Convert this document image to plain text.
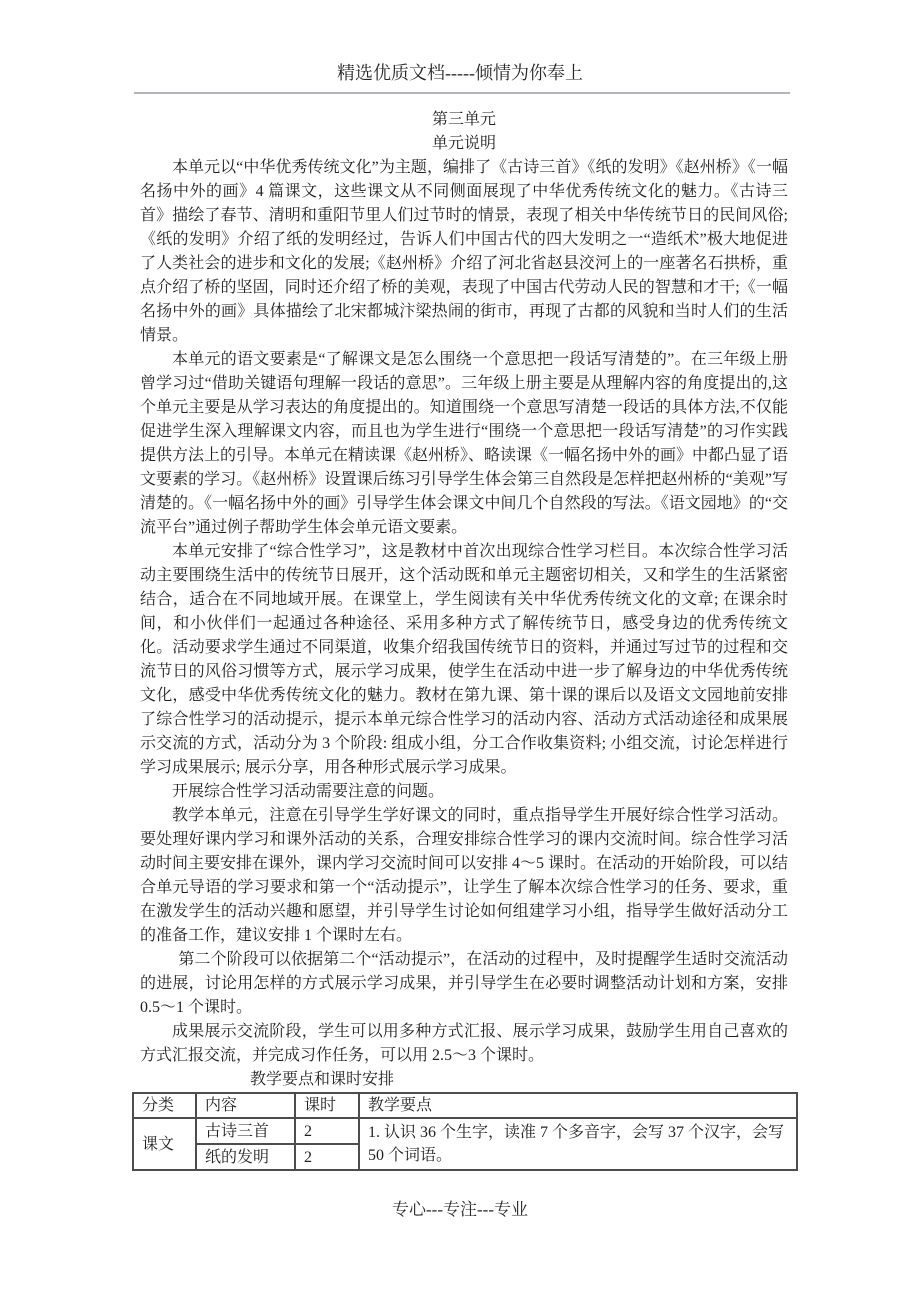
精选优质文档-----倾情为你奉上
第三单元
单元说明

本单元以“中华优秀传统文化”为主题，编排了《古诗三首》《纸的发明》《赵州桥》《一幅名扬中外的画》4 篇课文，这些课文从不同侧面展现了中华优秀传统文化的魅力。《古诗三首》描绘了春节、清明和重阳节里人们过节时的情景，表现了相关中华传统节日的民间风俗;《纸的发明》介绍了纸的发明经过，告诉人们中国古代的四大发明之一“造纸术”极大地促进了人类社会的进步和文化的发展;《赵州桥》介绍了河北省赵县洨河上的一座著名石拱桥，重点介绍了桥的坚固，同时还介绍了桥的美观，表现了中国古代劳动人民的智慧和才干;《一幅名扬中外的画》具体描绘了北宋都城汴梁热闹的街市，再现了古都的风貌和当时人们的生活情景。

本单元的语文要素是“了解课文是怎么围绕一个意思把一段话写清楚的”。在三年级上册曾学习过“借助关键语句理解一段话的意思”。三年级上册主要是从理解内容的角度提出的,这个单元主要是从学习表达的角度提出的。知道围绕一个意思写清楚一段话的具体方法,不仅能促进学生深入理解课文内容，而且也为学生进行“围绕一个意思把一段话写清楚”的习作实践提供方法上的引导。本单元在精读课《赵州桥》、略读课《一幅名扬中外的画》中都凸显了语文要素的学习。《赵州桥》设置课后练习引导学生体会第三自然段是怎样把赵州桥的“美观”写清楚的。《一幅名扬中外的画》引导学生体会课文中间几个自然段的写法。《语文园地》的“交流平台”通过例子帮助学生体会单元语文要素。

本单元安排了“综合性学习”，这是教材中首次出现综合性学习栏目。本次综合性学习活动主要围绕生活中的传统节日展开，这个活动既和单元主题密切相关，又和学生的生活紧密结合，适合在不同地域开展。在课堂上，学生阅读有关中华优秀传统文化的文章; 在课余时间，和小伙伴们一起通过各种途径、采用多种方式了解传统节日，感受身边的优秀传统文化。活动要求学生通过不同渠道，收集介绍我国传统节日的资料，并通过写过节的过程和交流节日的风俗习惯等方式，展示学习成果，使学生在活动中进一步了解身边的中华优秀传统文化，感受中华优秀传统文化的魅力。教材在第九课、第十课的课后以及语文文园地前安排了综合性学习的活动提示，提示本单元综合性学习的活动内容、活动方式活动途径和成果展示交流的方式，活动分为 3 个阶段: 组成小组，分工合作收集资料; 小组交流，讨论怎样进行学习成果展示; 展示分享，用各种形式展示学习成果。

开展综合性学习活动需要注意的问题。

教学本单元，注意在引导学生学好课文的同时，重点指导学生开展好综合性学习活动。要处理好课内学习和课外活动的关系，合理安排综合性学习的课内交流时间。综合性学习活动时间主要安排在课外，课内学习交流时间可以安排 4～5 课时。在活动的开始阶段，可以结合单元导语的学习要求和第一个“活动提示”，让学生了解本次综合性学习的任务、要求，重在激发学生的活动兴趣和愿望，并引导学生讨论如何组建学习小组，指导学生做好活动分工的准备工作，建议安排 1 个课时左右。

第二个阶段可以依据第二个“活动提示”，在活动的过程中，及时提醒学生适时交流活动的进展，讨论用怎样的方式展示学习成果，并引导学生在必要时调整活动计划和方案，安排 0.5～1 个课时。

成果展示交流阶段，学生可以用多种方式汇报、展示学习成果，鼓励学生用自己喜欢的方式汇报交流，并完成习作任务，可以用 2.5～3 个课时。

教学要点和课时安排
分类	内容	课时	教学要点
课文	古诗三首	2	1. 认识 36 个生字，读准 7 个多音字，会写 37 个汉字，会写 50 个词语。
	纸的发明	2	
专心---专注---专业
